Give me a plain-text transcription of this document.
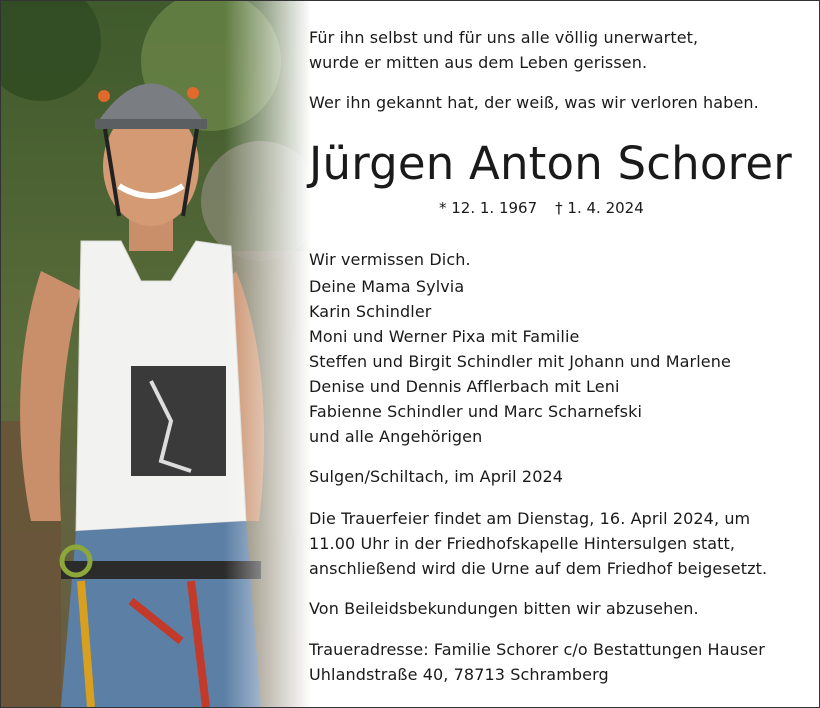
Für ihn selbst und für uns alle völlig unerwartet,
wurde er mitten aus dem Leben gerissen.
Wer ihn gekannt hat, der weiß, was wir verloren haben.
Jürgen Anton Schorer
* 12. 1. 1967 † 1. 4. 2024
Wir vermissen Dich.
Deine Mama Sylvia
Karin Schindler
Moni und Werner Pixa mit Familie
Steffen und Birgit Schindler mit Johann und Marlene
Denise und Dennis Afflerbach mit Leni
Fabienne Schindler und Marc Scharnefski
und alle Angehörigen
Sulgen/Schiltach, im April 2024
Die Trauerfeier findet am Dienstag, 16. April 2024, um
11.00 Uhr in der Friedhofskapelle Hintersulgen statt,
anschließend wird die Urne auf dem Friedhof beigesetzt.
Von Beileidsbekundungen bitten wir abzusehen.
Traueradresse: Familie Schorer c/o Bestattungen Hauser
Uhlandstraße 40, 78713 Schramberg
